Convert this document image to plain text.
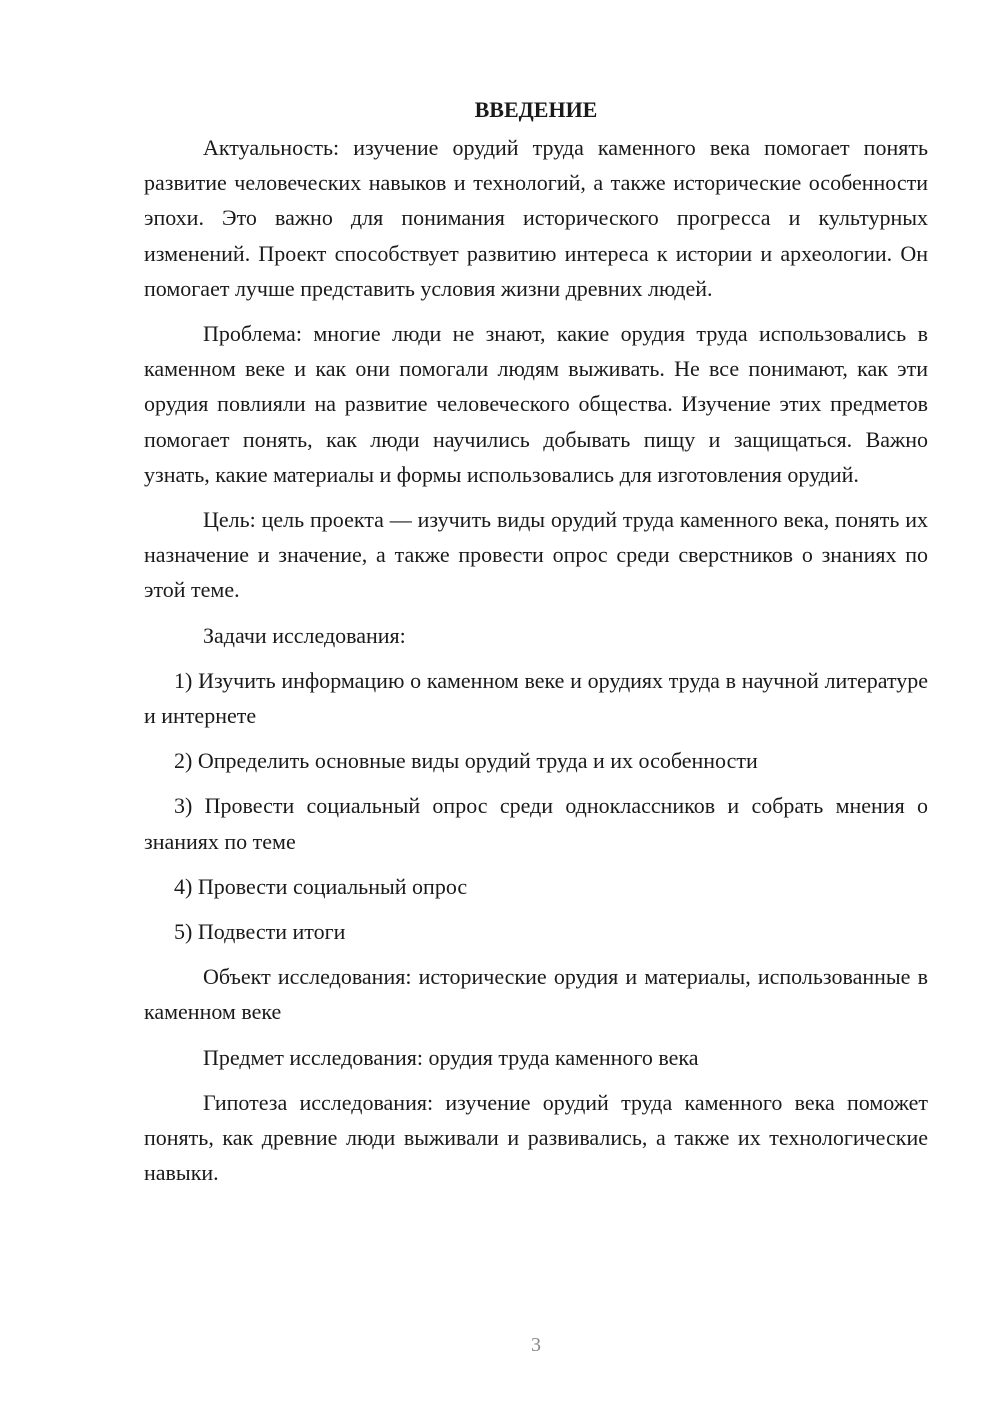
ВВЕДЕНИЕ

Актуальность: изучение орудий труда каменного века помогает понять развитие человеческих навыков и технологий, а также исторические особенности эпохи. Это важно для понимания исторического прогресса и культурных изменений. Проект способствует развитию интереса к истории и археологии. Он помогает лучше представить условия жизни древних людей.

Проблема: многие люди не знают, какие орудия труда использовались в каменном веке и как они помогали людям выживать. Не все понимают, как эти орудия повлияли на развитие человеческого общества. Изучение этих предметов помогает понять, как люди научились добывать пищу и защищаться. Важно узнать, какие материалы и формы использовались для изготовления орудий.

Цель: цель проекта — изучить виды орудий труда каменного века, понять их назначение и значение, а также провести опрос среди сверстников о знаниях по этой теме.

Задачи исследования:

1) Изучить информацию о каменном веке и орудиях труда в научной литературе и интернете

2) Определить основные виды орудий труда и их особенности

3) Провести социальный опрос среди одноклассников и собрать мнения о знаниях по теме

4) Провести социальный опрос

5) Подвести итоги

Объект исследования: исторические орудия и материалы, использованные в каменном веке

Предмет исследования: орудия труда каменного века

Гипотеза исследования: изучение орудий труда каменного века поможет понять, как древние люди выживали и развивались, а также их технологические навыки.

3
